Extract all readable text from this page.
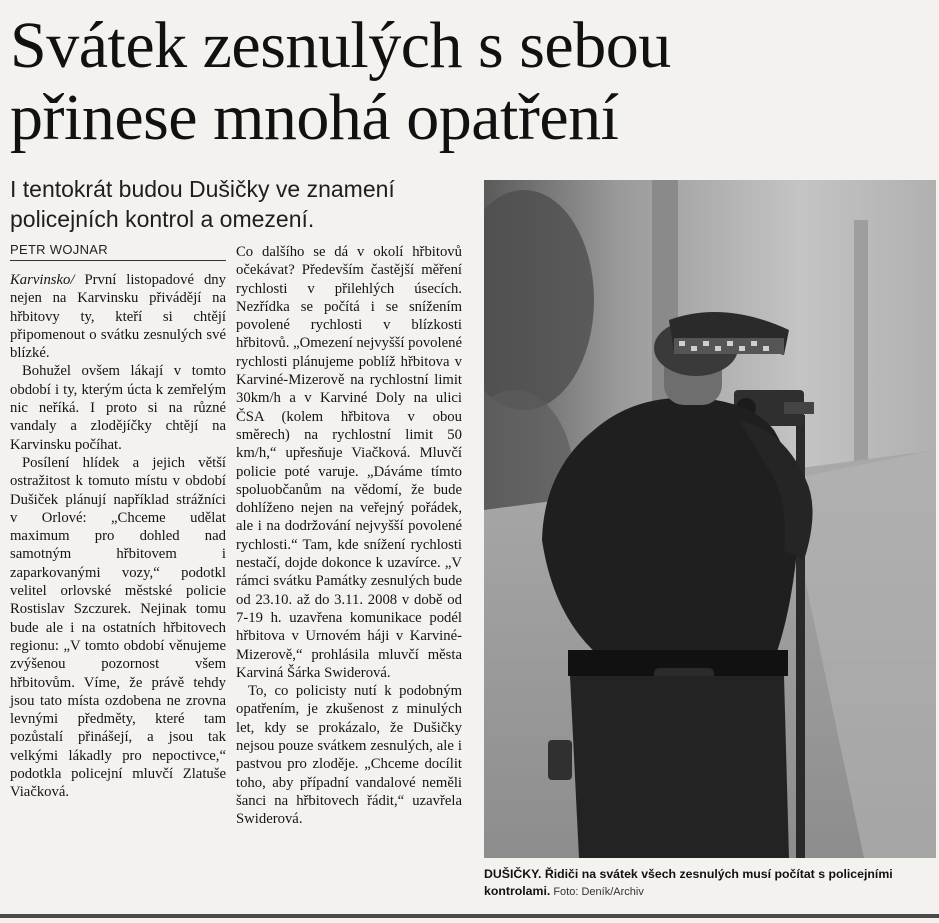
Svátek zesnulých s sebou
přinese mnohá opatření
I tentokrát budou Dušičky ve znamení
policejních kontrol a omezení.
PETR WOJNAR

Karvinsko/ První listopadové dny nejen na Karvinsku přivádějí na hřbitovy ty, kteří si chtějí připomenout o svátku zesnulých své blízké.

Bohužel ovšem lákají v tomto období i ty, kterým úcta k zemřelým nic neříká. I proto si na různé vandaly a zlodějíčky chtějí na Karvinsku počíhat.

Posílení hlídek a jejich větší ostražitost k tomuto místu v období Dušiček plánují například strážníci v Orlové: „Chceme udělat maximum pro dohled nad samotným hřbitovem i zaparkovanými vozy,“ podotkl velitel orlovské městské policie Rostislav Szczurek. Nejinak tomu bude ale i na ostatních hřbitovech regionu: „V tomto období věnujeme zvýšenou pozornost všem hřbitovům. Víme, že právě tehdy jsou tato místa ozdobena ne zrovna levnými předměty, které tam pozůstalí přinášejí, a jsou tak velkými lákadly pro nepoctivce,“ podotkla policejní mluvčí Zlatuše Viačková.

Co dalšího se dá v okolí hřbitovů očekávat? Především častější měření rychlosti v přilehlých úsecích. Nezřídka se počítá i se snížením povolené rychlosti v blízkosti hřbitovů. „Omezení nejvyšší povolené rychlosti plánujeme poblíž hřbitova v Karviné-Mizerově na rychlostní limit 30km/h a v Karviné Doly na ulici ČSA (kolem hřbitova v obou směrech) na rychlostní limit 50 km/h,“ upřesňuje Viačková. Mluvčí policie poté varuje. „Dáváme tímto spoluobčanům na vědomí, že bude dohlíženo nejen na veřejný pořádek, ale i na dodržování nejvyšší povolené rychlosti.“ Tam, kde snížení rychlosti nestačí, dojde dokonce k uzavírce. „V rámci svátku Památky zesnulých bude od 23.10. až do 3.11. 2008 v době od 7-19 h. uzavřena komunikace podél hřbitova v Urnovém háji v Karviné-Mizerově,“ prohlásila mluvčí města Karviná Šárka Swiderová.

To, co policisty nutí k podobným opatřením, je zkušenost z minulých let, kdy se prokázalo, že Dušičky nejsou pouze svátkem zesnulých, ale i pastvou pro zloděje. „Chceme docílit toho, aby případní vandalové neměli šanci na hřbitovech řádit,“ uzavřela Swiderová.

DUŠIČKY. Řidiči na svátek všech zesnulých musí počítat s policejními kontrolami. Foto: Deník/Archiv
